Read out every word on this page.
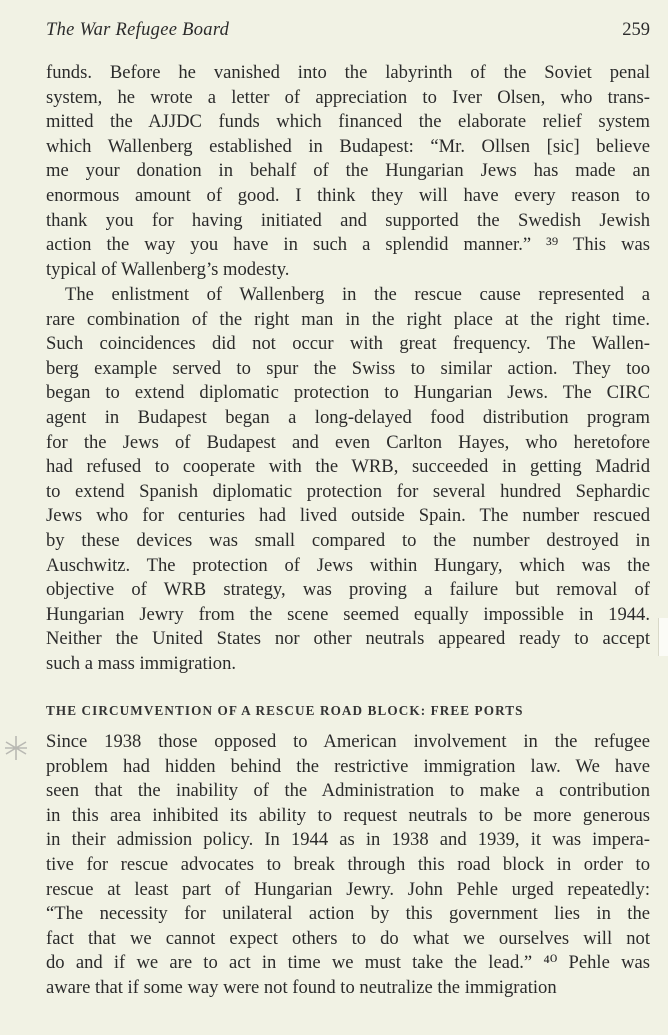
The War Refugee Board	259
funds. Before he vanished into the labyrinth of the Soviet penal
system, he wrote a letter of appreciation to Iver Olsen, who trans-
mitted the AJJDC funds which financed the elaborate relief system
which Wallenberg established in Budapest: “Mr. Ollsen [sic] believe
me your donation in behalf of the Hungarian Jews has made an
enormous amount of good. I think they will have every reason to
thank you for having initiated and supported the Swedish Jewish
action the way you have in such a splendid manner.” ³⁹ This was
typical of Wallenberg’s modesty.
The enlistment of Wallenberg in the rescue cause represented a
rare combination of the right man in the right place at the right time.
Such coincidences did not occur with great frequency. The Wallen-
berg example served to spur the Swiss to similar action. They too
began to extend diplomatic protection to Hungarian Jews. The CIRC
agent in Budapest began a long-delayed food distribution program
for the Jews of Budapest and even Carlton Hayes, who heretofore
had refused to cooperate with the WRB, succeeded in getting Madrid
to extend Spanish diplomatic protection for several hundred Sephardic
Jews who for centuries had lived outside Spain. The number rescued
by these devices was small compared to the number destroyed in
Auschwitz. The protection of Jews within Hungary, which was the
objective of WRB strategy, was proving a failure but removal of
Hungarian Jewry from the scene seemed equally impossible in 1944.
Neither the United States nor other neutrals appeared ready to accept
such a mass immigration.
THE CIRCUMVENTION OF A RESCUE ROAD BLOCK: FREE PORTS
Since 1938 those opposed to American involvement in the refugee
problem had hidden behind the restrictive immigration law. We have
seen that the inability of the Administration to make a contribution
in this area inhibited its ability to request neutrals to be more generous
in their admission policy. In 1944 as in 1938 and 1939, it was impera-
tive for rescue advocates to break through this road block in order to
rescue at least part of Hungarian Jewry. John Pehle urged repeatedly:
“The necessity for unilateral action by this government lies in the
fact that we cannot expect others to do what we ourselves will not
do and if we are to act in time we must take the lead.” ⁴⁰ Pehle was
aware that if some way were not found to neutralize the immigration
